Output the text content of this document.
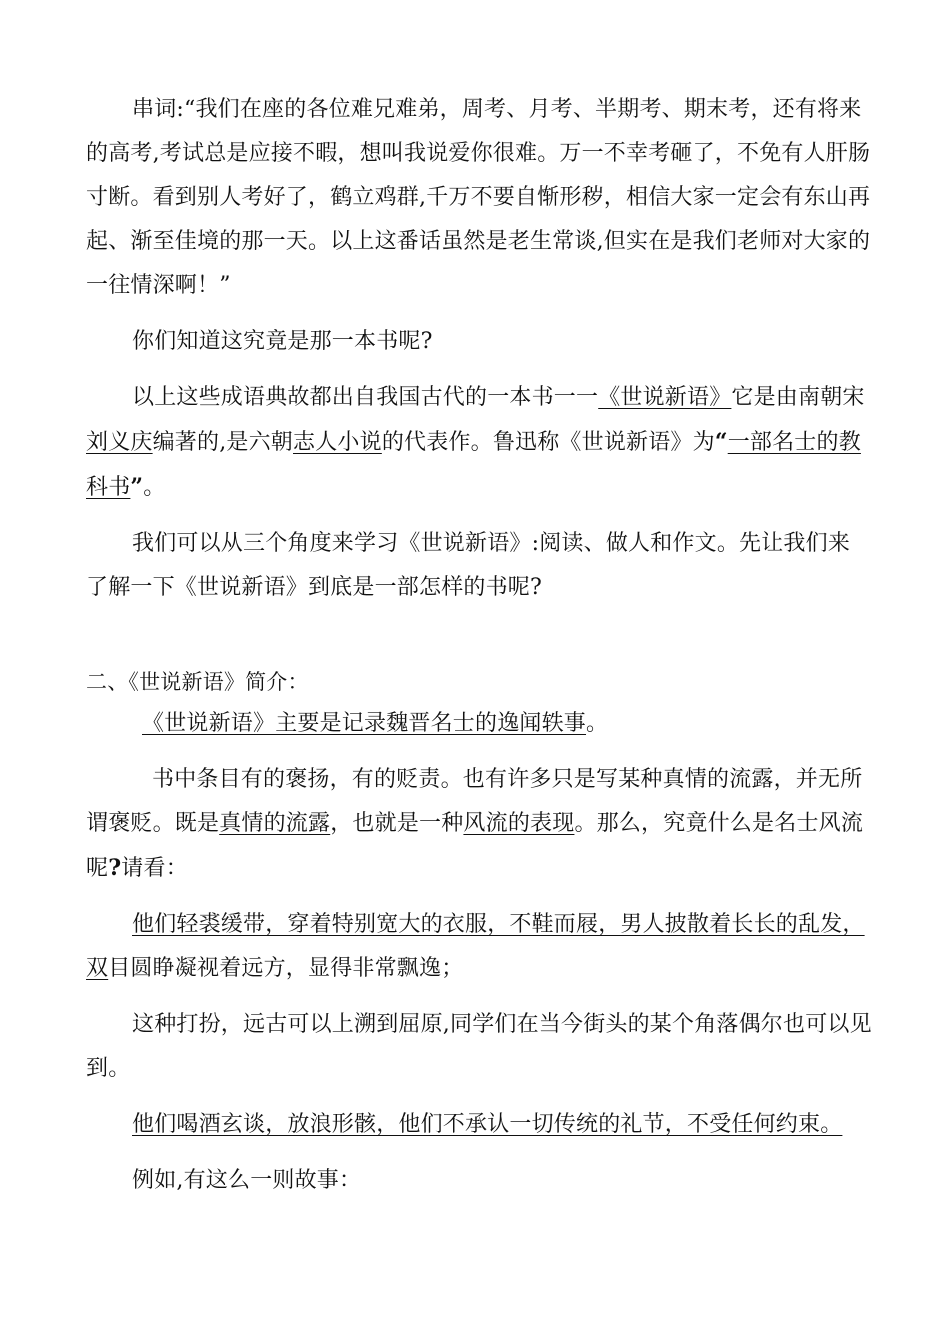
串词:“我们在座的各位难兄难弟，周考、月考、半期考、期末考，还有将来的高考,考试总是应接不暇，想叫我说爱你很难。万一不幸考砸了，不免有人肝肠寸断。看到别人考好了，鹤立鸡群,千万不要自惭形秽，相信大家一定会有东山再起、渐至佳境的那一天。以上这番话虽然是老生常谈,但实在是我们老师对大家的一往情深啊！”

你们知道这究竟是那一本书呢?

以上这些成语典故都出自我国古代的一本书一一《世说新语》它是由南朝宋刘义庆编著的,是六朝志人小说的代表作。鲁迅称《世说新语》为“一部名士的教科书”。

我们可以从三个角度来学习《世说新语》:阅读、做人和作文。先让我们来了解一下《世说新语》到底是一部怎样的书呢?

二、《世说新语》简介：

《世说新语》主要是记录魏晋名士的逸闻轶事。

书中条目有的褒扬，有的贬责。也有许多只是写某种真情的流露，并无所谓褒贬。既是真情的流露，也就是一种风流的表现。那么，究竟什么是名士风流呢?请看：

他们轻裘缓带，穿着特别宽大的衣服，不鞋而屐，男人披散着长长的乱发，双目圆睁凝视着远方，显得非常飘逸；

这种打扮，远古可以上溯到屈原,同学们在当今街头的某个角落偶尔也可以见到。

他们喝酒玄谈，放浪形骸，他们不承认一切传统的礼节，不受任何约束。

例如,有这么一则故事：
